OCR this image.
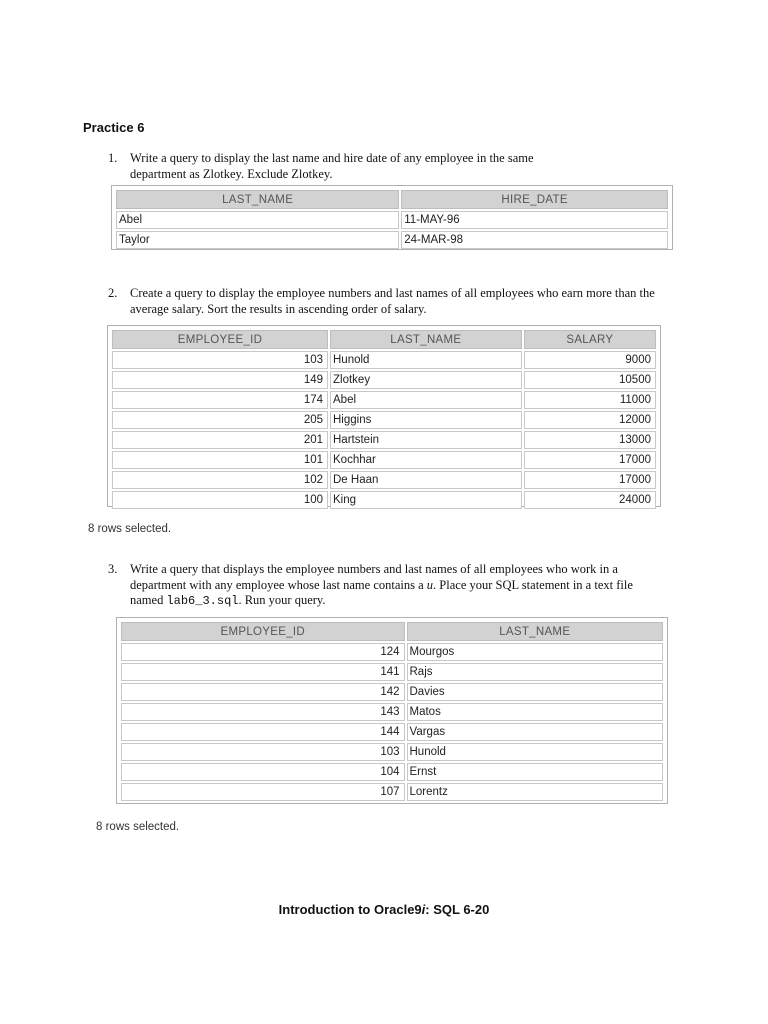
Practice 6
1. Write a query to display the last name and hire date of any employee in the same
department as Zlotkey. Exclude Zlotkey.
LAST_NAME	HIRE_DATE
Abel	11-MAY-96
Taylor	24-MAR-98
2. Create a query to display the employee numbers and last names of all employees who earn more than the
average salary. Sort the results in ascending order of salary.
EMPLOYEE_ID	LAST_NAME	SALARY
103	Hunold	9000
149	Zlotkey	10500
174	Abel	11000
205	Higgins	12000
201	Hartstein	13000
101	Kochhar	17000
102	De Haan	17000
100	King	24000
8 rows selected.
3. Write a query that displays the employee numbers and last names of all employees who work in a
department with any employee whose last name contains a u. Place your SQL statement in a text file
named lab6_3.sql. Run your query.
EMPLOYEE_ID	LAST_NAME
124	Mourgos
141	Rajs
142	Davies
143	Matos
144	Vargas
103	Hunold
104	Ernst
107	Lorentz
8 rows selected.
Introduction to Oracle9i: SQL 6-20
